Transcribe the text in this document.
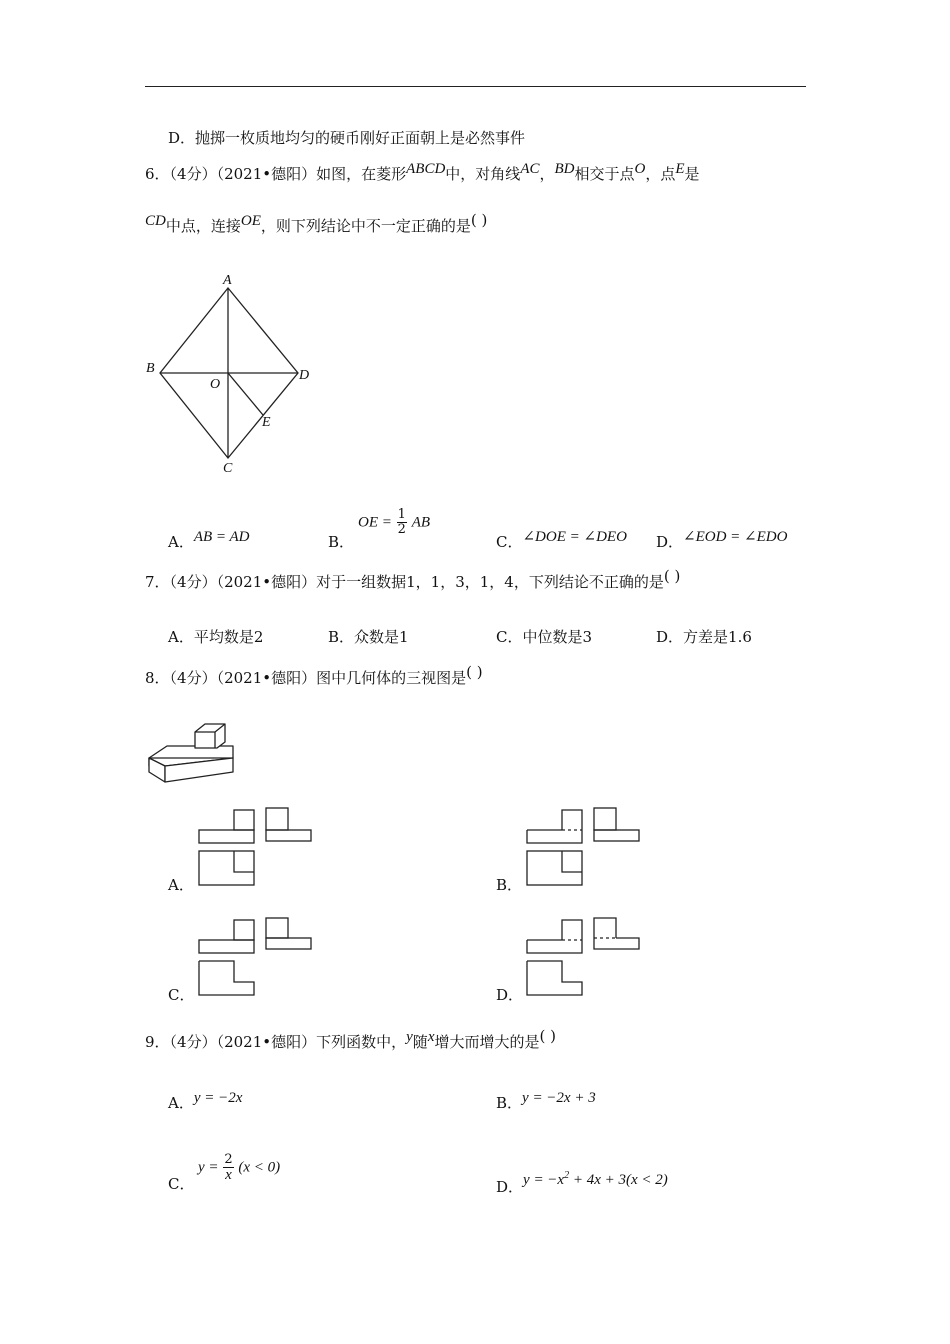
D．抛掷一枚质地均匀的硬币刚好正面朝上是必然事件
6．（4分）（2021•德阳）如图，在菱形ABCD中，对角线AC，BD相交于点O，点E是
CD中点，连接OE，则下列结论中不一定正确的是( )
A
B
C
D
O
E
A．AB = AD	B．
OE = $\frac{1}{2}$ AB
C．∠DOE = ∠DEO D．∠EOD = ∠EDO
7．（4分）（2021•德阳）对于一组数据1，1，3，1，4，下列结论不正确的是( )
A．平均数是2	B．众数是1	C．中位数是3	D．方差是1.6
8．（4分）（2021•德阳）图中几何体的三视图是( )
A．	B．
C．	D．
9．（4分）（2021•德阳）下列函数中，y随x增大而增大的是( )
A．y = −2x	B．y = −2x + 3
C．
$y = \frac{2}{x} (x < 0)$
D．$y = -x^2 + 4x + 3(x < 2)$
